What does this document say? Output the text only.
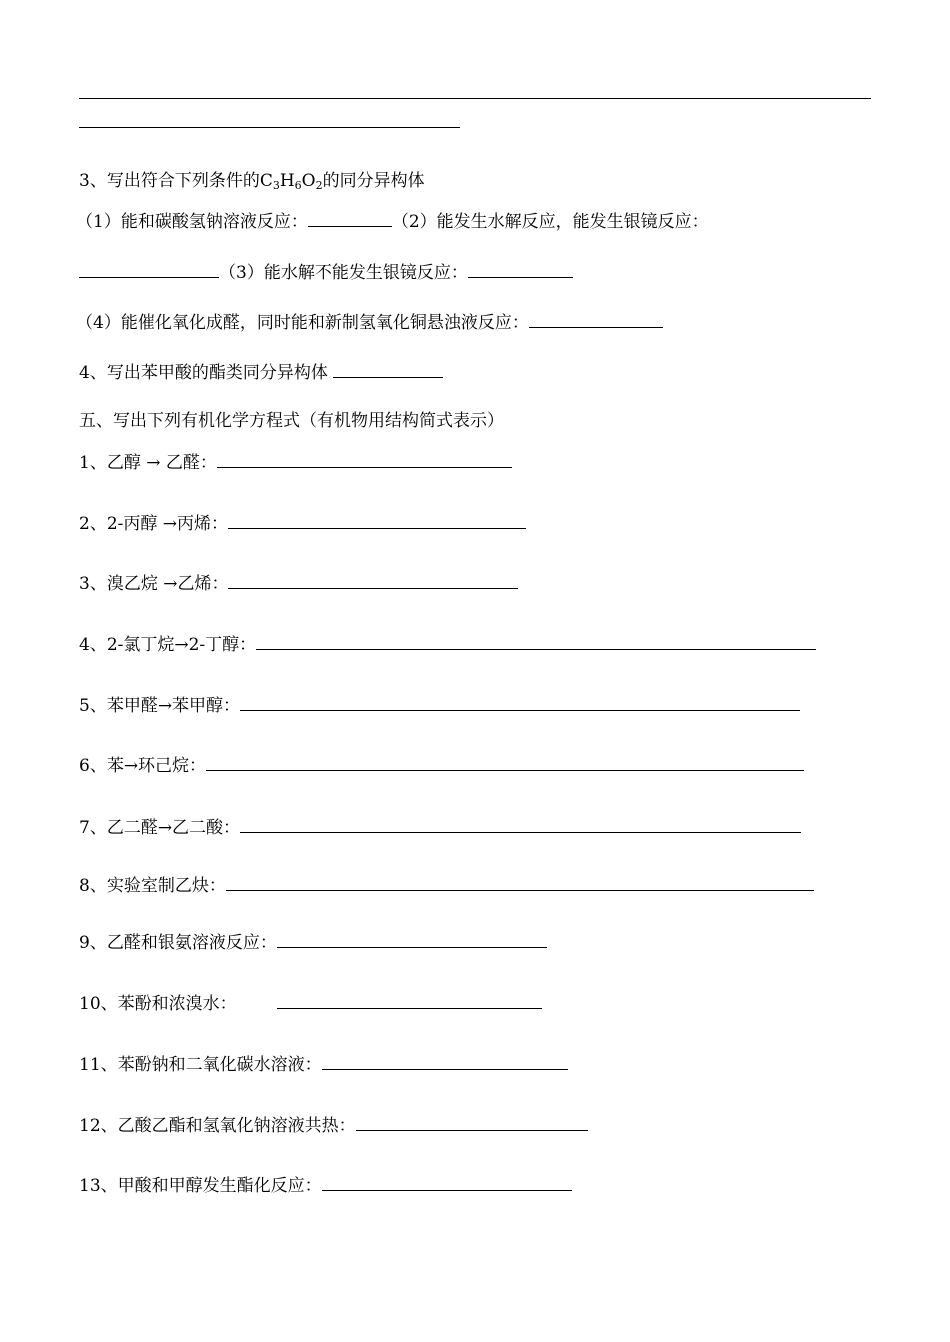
3、写出符合下列条件的$C_3H_6O_2$的同分异构体
（1）能和碳酸氢钠溶液反应：	（2）能发生水解反应，能发生银镜反应：
（3）能水解不能发生银镜反应：
（4）能催化氧化成醛，同时能和新制氢氧化铜悬浊液反应：
4、写出苯甲酸的酯类同分异构体
五、写出下列有机化学方程式（有机物用结构简式表示）
1、乙醇 → 乙醛：
2、2-丙醇 →丙烯：
3、溴乙烷 →乙烯：
4、2-氯丁烷→2-丁醇：
5、苯甲醛→苯甲醇：
6、苯→环己烷：
7、乙二醛→乙二酸：
8、实验室制乙炔：
9、乙醛和银氨溶液反应：
10、苯酚和浓溴水：
11、苯酚钠和二氧化碳水溶液：
12、乙酸乙酯和氢氧化钠溶液共热：
13、甲酸和甲醇发生酯化反应：
